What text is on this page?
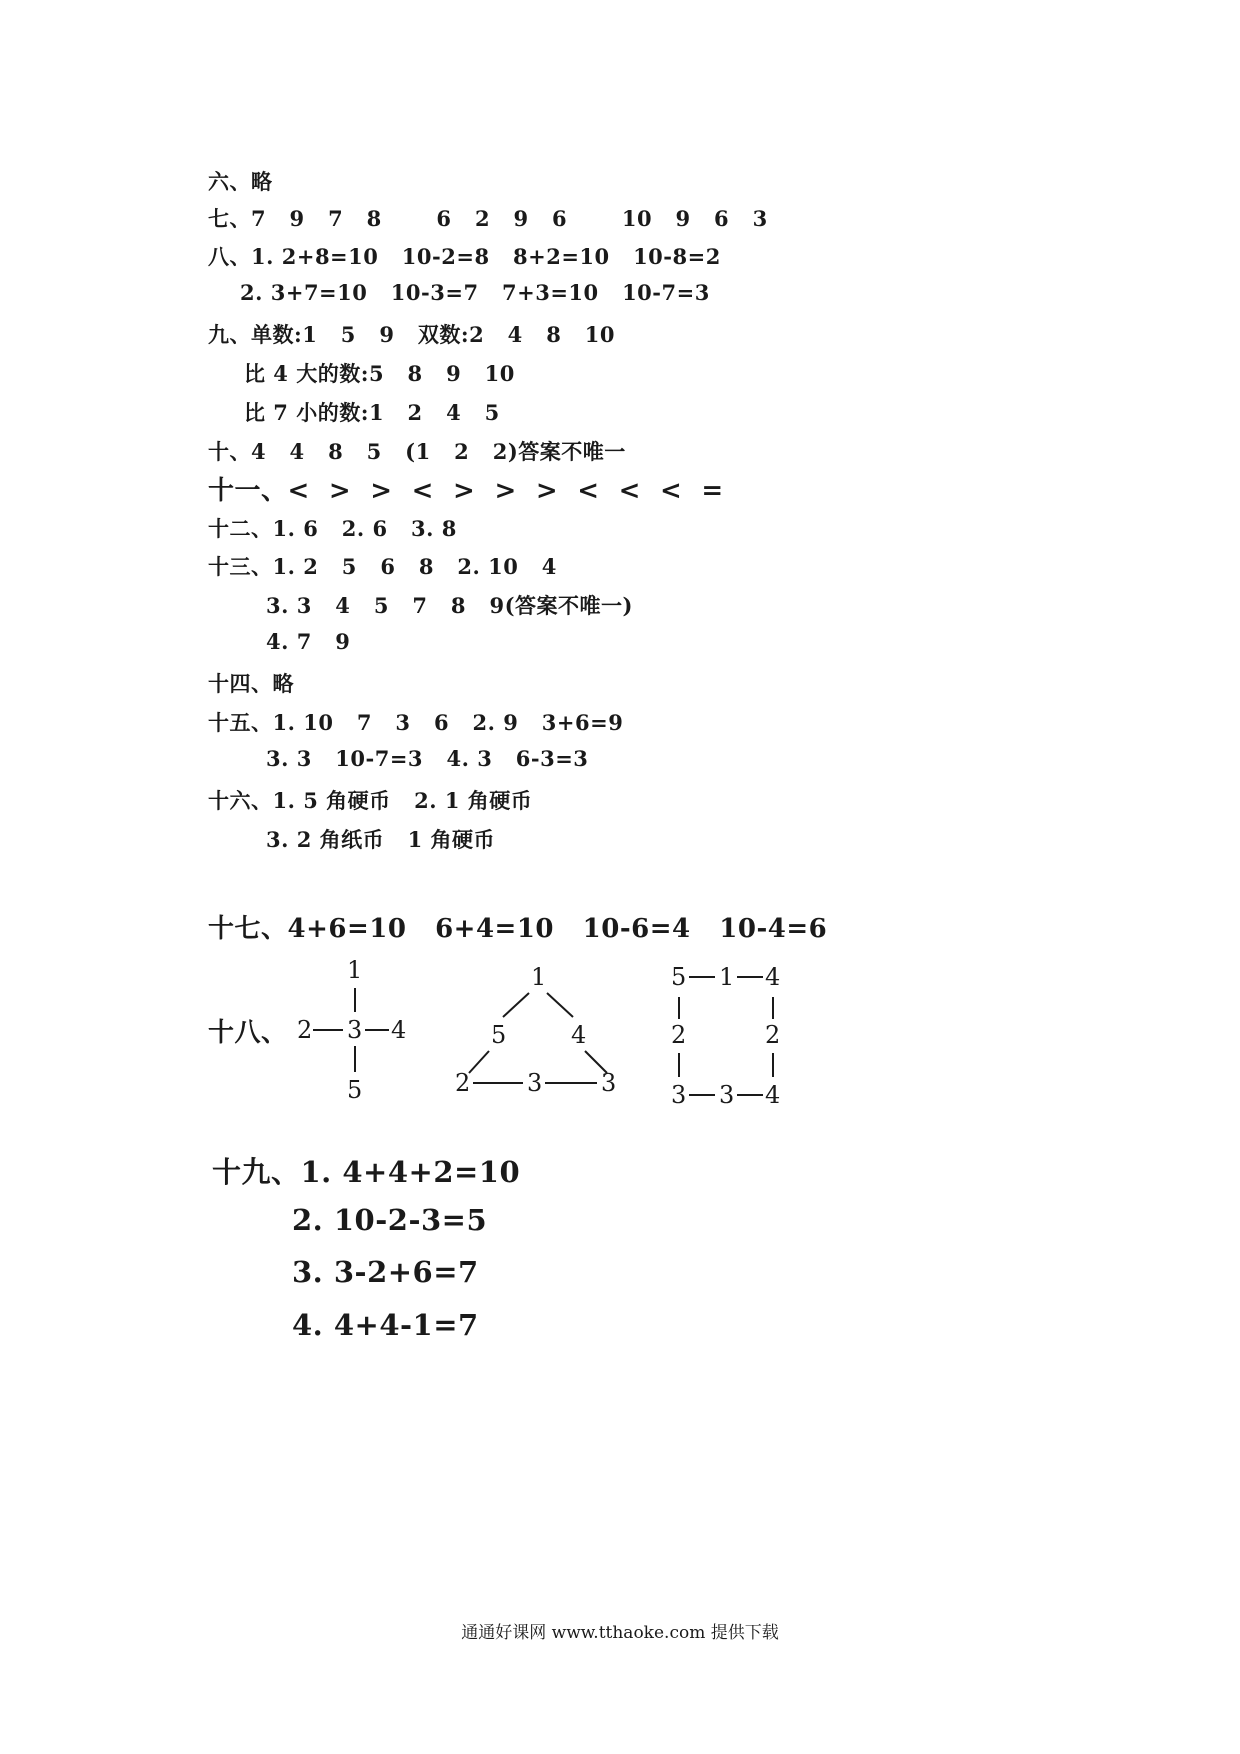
六、略
七、7   9   7   8       6   2   9   6       10   9   6   3
八、1. 2+8=10   10-2=8   8+2=10   10-8=2
2. 3+7=10   10-3=7   7+3=10   10-7=3
九、单数:1   5   9   双数:2   4   8   10
比 4 大的数:5   8   9   10
比 7 小的数:1   2   4   5
十、4   4   8   5   (1   2   2)答案不唯一
十一、<  >  >  <  >  >  >  <  <  <  =
十二、1. 6   2. 6   3. 8
十三、1. 2   5   6   8   2. 10   4
3. 3   4   5   7   8   9(答案不唯一)
4. 7   9
十四、略
十五、1. 10   7   3   6   2. 9   3+6=9
3. 3   10-7=3   4. 3   6-3=3
十六、1. 5 角硬币   2. 1 角硬币
3. 2 角纸币   1 角硬币
十七、4+6=10   6+4=10   10-6=4   10-4=6
十八、
1
2 3 4
5
1
5	4
2 3 3
5 1 4
2	2
3 3 4
十九、1. 4+4+2=10
2. 10-2-3=5
3. 3-2+6=7
4. 4+4-1=7
通通好课网 www.tthaoke.com 提供下载
